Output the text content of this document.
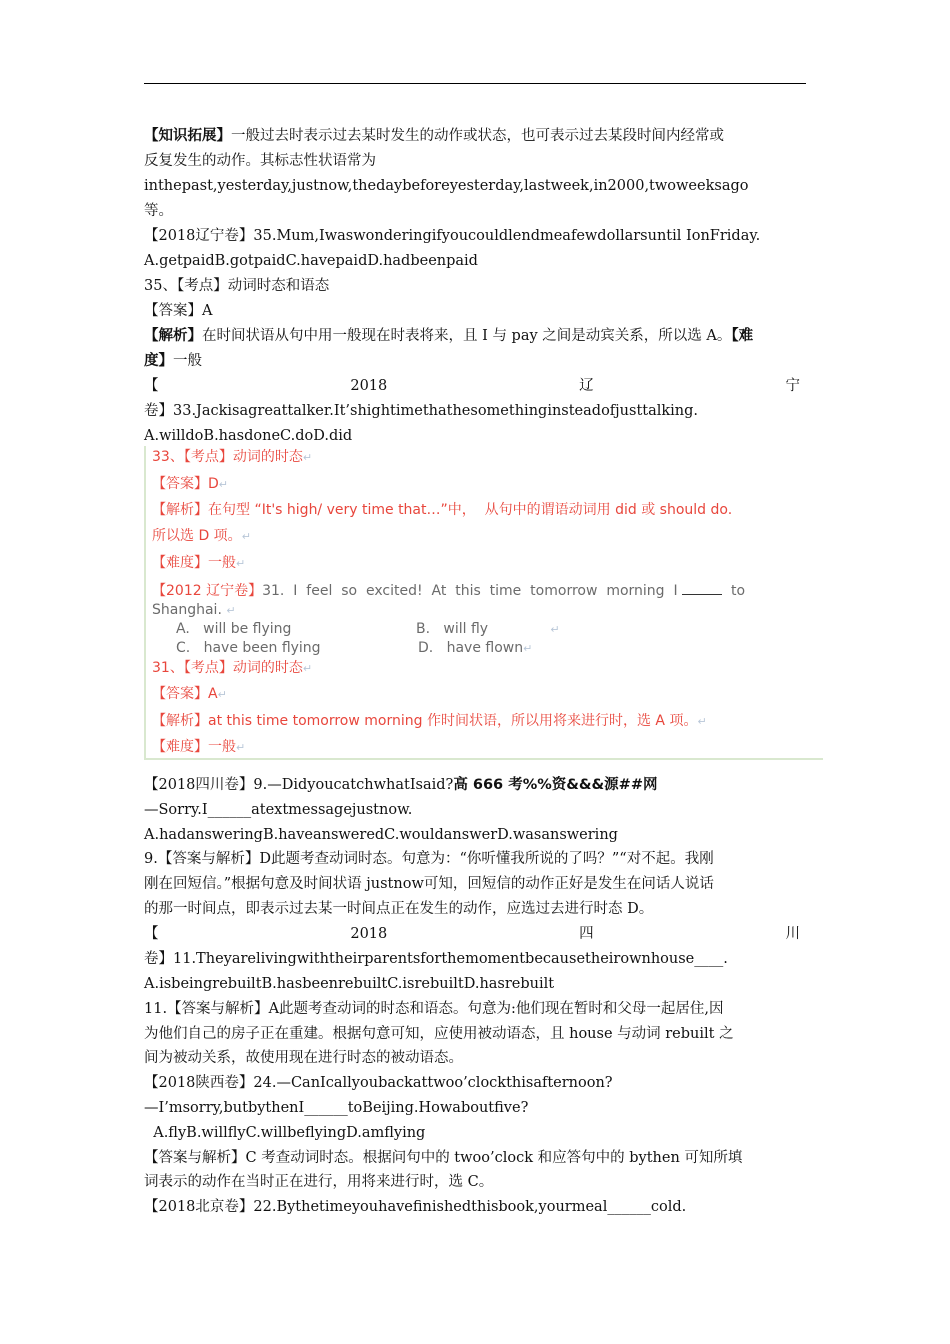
【知识拓展】一般过去时表示过去某时发生的动作或状态，也可表示过去某段时间内经常或
反复发生的动作。其标志性状语常为
inthepast,yesterday,justnow,thedaybeforeyesterday,lastweek,in2000,twoweeksago
等。
【2018辽宁卷】35.Mum,Iwaswonderingifyoucouldlendmeafewdollarsuntil IonFriday.
A.getpaidB.gotpaidC.havepaidD.hadbeenpaid
35、【考点】动词时态和语态
【答案】A
【解析】在时间状语从句中用一般现在时表将来，且 I 与 pay 之间是动宾关系，所以选 A。【难
度】一般
【	2018	辽	宁
卷】33.Jackisagreattalker.It’shightimethathesomethinginsteadofjusttalking.
A.willdoB.hasdoneC.doD.did
33、【考点】动词的时态↵
【答案】D↵
【解析】在句型 “It's high/ very time that…”中，  从句中的谓语动词用 did 或 should do.
所以选 D 项。↵
【难度】一般↵
【2012 辽宁卷】31.  I  feel  so  excited!  At  this  time  tomorrow  morning  I	to
Shanghai. ↵
A.   will be flying	B.   will fly	↵
C.   have been flying	D.   have flown↵
31、【考点】动词的时态↵
【答案】A↵
【解析】at this time tomorrow morning 作时间状语，所以用将来进行时，选 A 项。↵
【难度】一般↵
【2018四川卷】9.—DidyoucatchwhatIsaid?高 666 考%%资&&&源##网
—Sorry.I______atextmessagejustnow.
A.hadansweringB.haveansweredC.wouldanswerD.wasanswering
9.【答案与解析】D此题考查动词时态。句意为：“你听懂我所说的了吗？”“对不起。我刚
刚在回短信。”根据句意及时间状语 justnow可知，回短信的动作正好是发生在问话人说话
的那一时间点，即表示过去某一时间点正在发生的动作，应选过去进行时态 D。
【	2018	四	川
卷】11.Theyarelivingwiththeirparentsforthemomentbecausetheirownhouse____.
A.isbeingrebuiltB.hasbeenrebuiltC.isrebuiltD.hasrebuilt
11.【答案与解析】A此题考查动词的时态和语态。句意为:他们现在暂时和父母一起居住,因
为他们自己的房子正在重建。根据句意可知，应使用被动语态，且 house 与动词 rebuilt 之
间为被动关系，故使用现在进行时态的被动语态。
【2018陕西卷】24.—CanIcallyoubackattwoo’clockthisafternoon?
—I’msorry,butbythenI______toBeijing.Howaboutfive?
A.flyB.willflyC.willbeflyingD.amflying
【答案与解析】C 考查动词时态。根据问句中的 twoo’clock 和应答句中的 bythen 可知所填
词表示的动作在当时正在进行，用将来进行时，选 C。
【2018北京卷】22.Bythetimeyouhavefinishedthisbook,yourmeal______cold.
